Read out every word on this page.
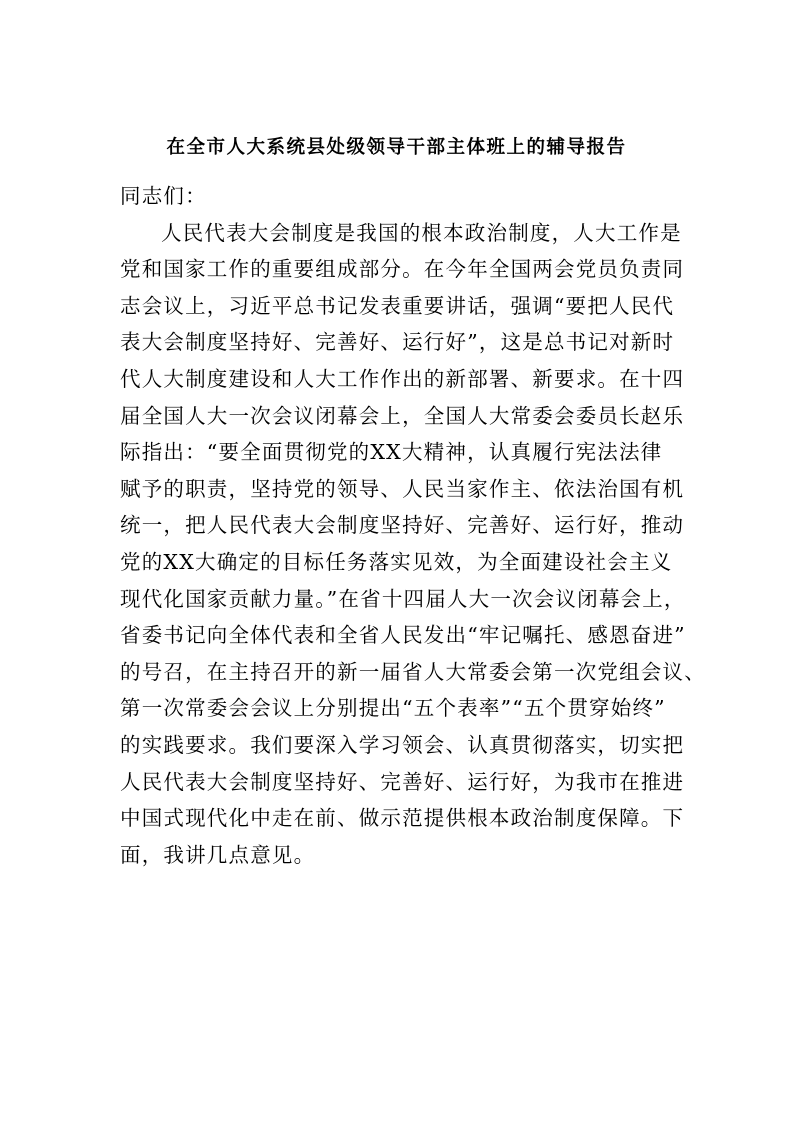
在全市人大系统县处级领导干部主体班上的辅导报告

同志们：

人民代表大会制度是我国的根本政治制度，人大工作是
党和国家工作的重要组成部分。在今年全国两会党员负责同
志会议上，习近平总书记发表重要讲话，强调“要把人民代
表大会制度坚持好、完善好、运行好”，这是总书记对新时
代人大制度建设和人大工作作出的新部署、新要求。在十四
届全国人大一次会议闭幕会上，全国人大常委会委员长赵乐
际指出：“要全面贯彻党的XX大精神，认真履行宪法法律
赋予的职责，坚持党的领导、人民当家作主、依法治国有机
统一，把人民代表大会制度坚持好、完善好、运行好，推动
党的XX大确定的目标任务落实见效，为全面建设社会主义
现代化国家贡献力量。”在省十四届人大一次会议闭幕会上，
省委书记向全体代表和全省人民发出“牢记嘱托、感恩奋进”
的号召，在主持召开的新一届省人大常委会第一次党组会议、
第一次常委会会议上分别提出“五个表率”“五个贯穿始终”
的实践要求。我们要深入学习领会、认真贯彻落实，切实把
人民代表大会制度坚持好、完善好、运行好，为我市在推进
中国式现代化中走在前、做示范提供根本政治制度保障。下
面，我讲几点意见。
